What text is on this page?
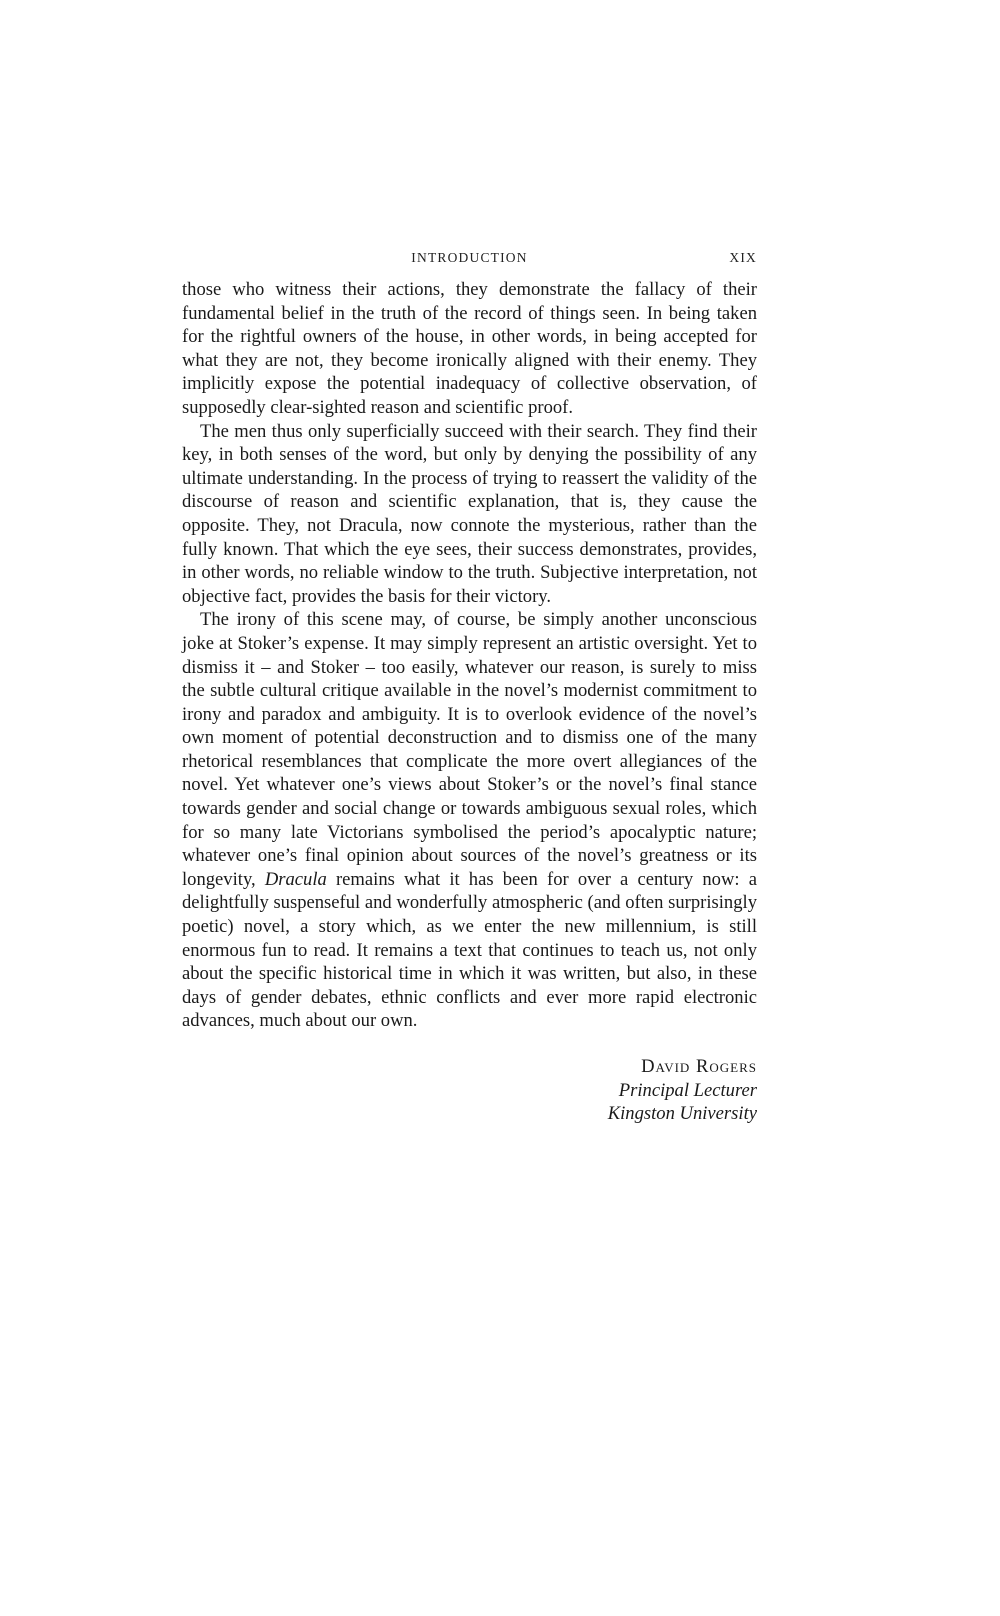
INTRODUCTION	XIX

those who witness their actions, they demonstrate the fallacy of their fundamental belief in the truth of the record of things seen. In being taken for the rightful owners of the house, in other words, in being accepted for what they are not, they become ironically aligned with their enemy. They implicitly expose the potential inadequacy of collective observation, of supposedly clear-sighted reason and scientific proof.

The men thus only superficially succeed with their search. They find their key, in both senses of the word, but only by denying the possibility of any ultimate understanding. In the process of trying to reassert the validity of the discourse of reason and scientific explanation, that is, they cause the opposite. They, not Dracula, now connote the mysterious, rather than the fully known. That which the eye sees, their success demonstrates, provides, in other words, no reliable window to the truth. Subjective interpretation, not objective fact, provides the basis for their victory.

The irony of this scene may, of course, be simply another unconscious joke at Stoker’s expense. It may simply represent an artistic oversight. Yet to dismiss it – and Stoker – too easily, whatever our reason, is surely to miss the subtle cultural critique available in the novel’s modernist commitment to irony and paradox and ambiguity. It is to overlook evidence of the novel’s own moment of potential deconstruction and to dismiss one of the many rhetorical resemblances that complicate the more overt allegiances of the novel. Yet whatever one’s views about Stoker’s or the novel’s final stance towards gender and social change or towards ambiguous sexual roles, which for so many late Victorians symbolised the period’s apocalyptic nature; whatever one’s final opinion about sources of the novel’s greatness or its longevity, Dracula remains what it has been for over a century now: a delightfully suspenseful and wonderfully atmospheric (and often surprisingly poetic) novel, a story which, as we enter the new millennium, is still enormous fun to read. It remains a text that continues to teach us, not only about the specific historical time in which it was written, but also, in these days of gender debates, ethnic conflicts and ever more rapid electronic advances, much about our own.

David Rogers
Principal Lecturer
Kingston University
